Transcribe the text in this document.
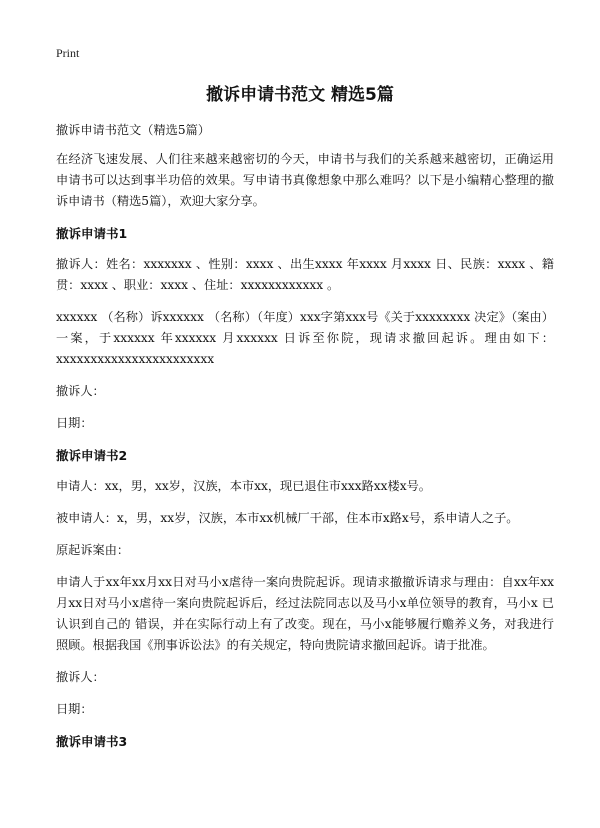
Print
撤诉申请书范文 精选5篇

撤诉申请书范文（精选5篇）

在经济飞速发展、人们往来越来越密切的今天，申请书与我们的关系越来越密切，正确运用申请书可以达到事半功倍的效果。写申请书真像想象中那么难吗？以下是小编精心整理的撤诉申请书（精选5篇），欢迎大家分享。

撤诉申请书1

撤诉人：姓名：xxxxxxx 、性别：xxxx 、出生xxxx 年xxxx 月xxxx 日、民族：xxxx 、籍贯：xxxx 、职业：xxxx 、住址：xxxxxxxxxxxx 。

xxxxxx （名称）诉xxxxxx （名称）（年度）xxx字第xxx号《关于xxxxxxxx 决定》（案由）一案，于xxxxxx 年xxxxxx 月xxxxxx 日诉至你院，现请求撤回起诉。理由如下：xxxxxxxxxxxxxxxxxxxxxxx

撤诉人：

日期：

撤诉申请书2

申请人：xx，男，xx岁，汉族，本市xx，现已退住市xxx路xx楼x号。

被申请人：x，男，xx岁，汉族，本市xx机械厂干部，住本市x路x号，系申请人之子。

原起诉案由：

申请人于xx年xx月xx日对马小x虐待一案向贵院起诉。现请求撤撤诉请求与理由：自xx年xx月xx日对马小x虐待一案向贵院起诉后，经过法院同志以及马小x单位领导的教育，马小x 已认识到自己的 错误，并在实际行动上有了改变。现在，马小x能够履行赡养义务，对我进行照顾。根据我国《刑事诉讼法》的有关规定，特向贵院请求撤回起诉。请于批准。

撤诉人：

日期：

撤诉申请书3
